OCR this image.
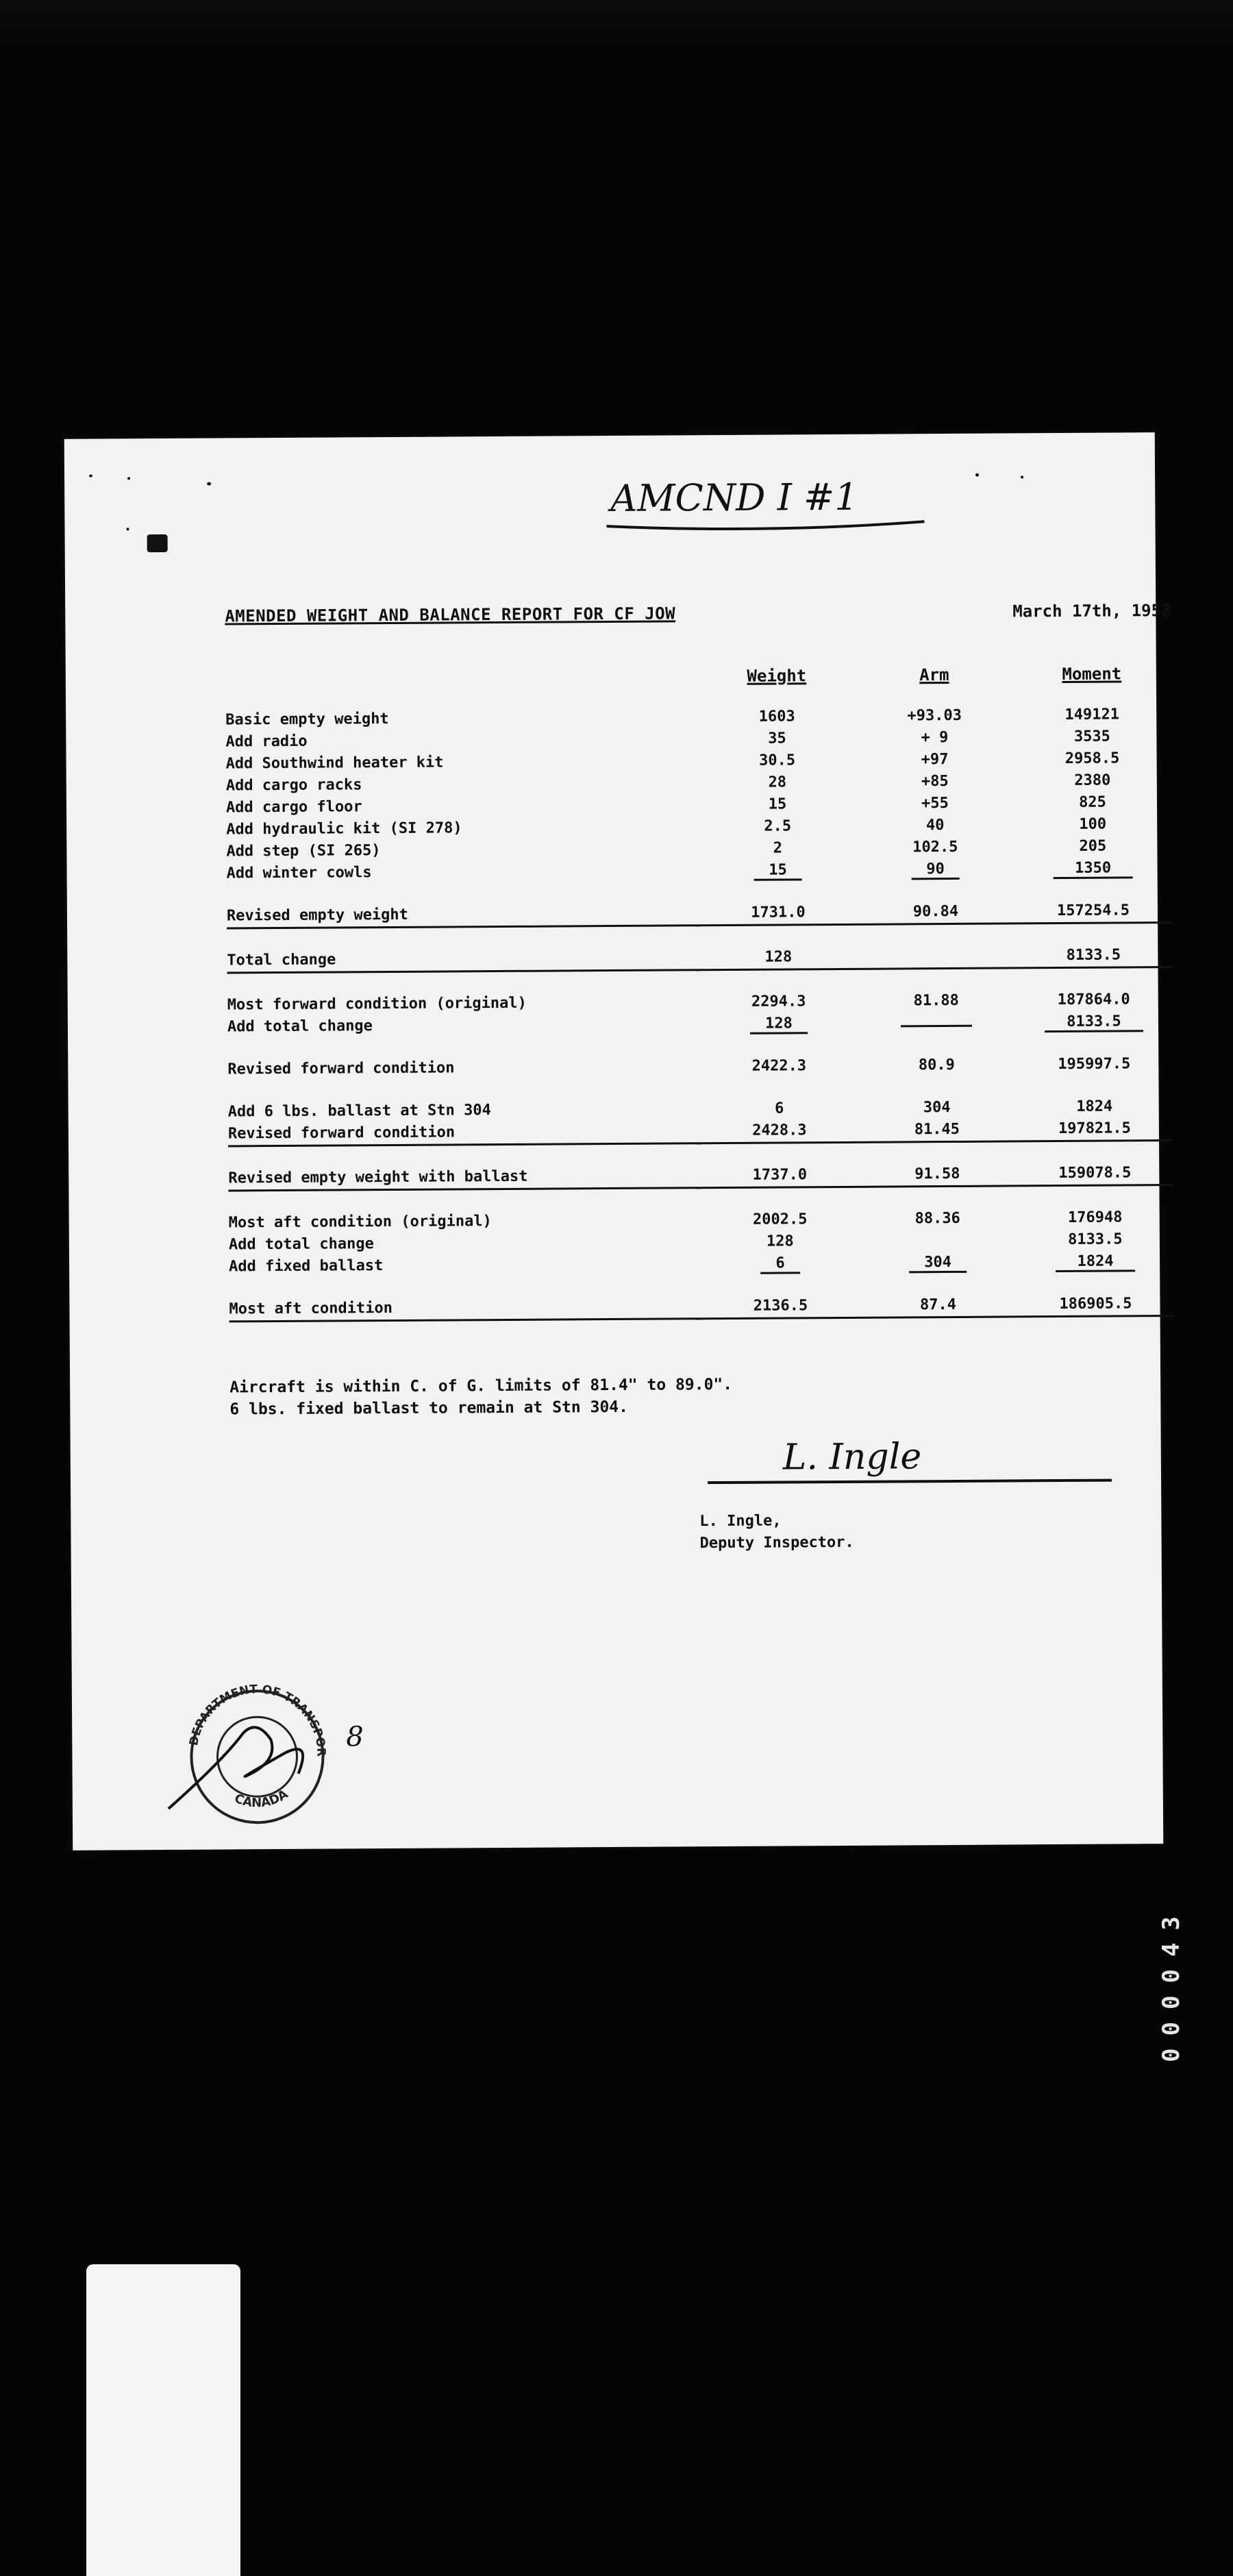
AMCND I #1
AMENDED WEIGHT AND BALANCE REPORT FOR CF JOW	March 17th, 1958
	Weight	Arm	Moment
Basic empty weight	1603	+93.03	149121
Add radio	35	+ 9	3535
Add Southwind heater kit	30.5	+97	2958.5
Add cargo racks	28	+85	2380
Add cargo floor	15	+55	825
Add hydraulic kit (SI 278)	2.5	40	100
Add step (SI 265)	2	102.5	205
Add winter cowls	15	90	1350

Revised empty weight	1731.0	90.84	157254.5

Total change	128		8133.5

Most forward condition (original)	2294.3	81.88	187864.0
Add total change	128		8133.5

Revised forward condition	2422.3	80.9	195997.5

Add 6 lbs. ballast at Stn 304	6	304	1824
Revised forward condition	2428.3	81.45	197821.5

Revised empty weight with ballast	1737.0	91.58	159078.5

Most aft condition (original)	2002.5	88.36	176948
Add total change	128		8133.5
Add fixed ballast	6	304	1824

Most aft condition	2136.5	87.4	186905.5
Aircraft is within C. of G. limits of 81.4" to 89.0".
6 lbs. fixed ballast to remain at Stn 304.
L. Ingle
L. Ingle,
Deputy Inspector.
DEPARTMENT OF TRANSPORT
CANADA
8
000043
